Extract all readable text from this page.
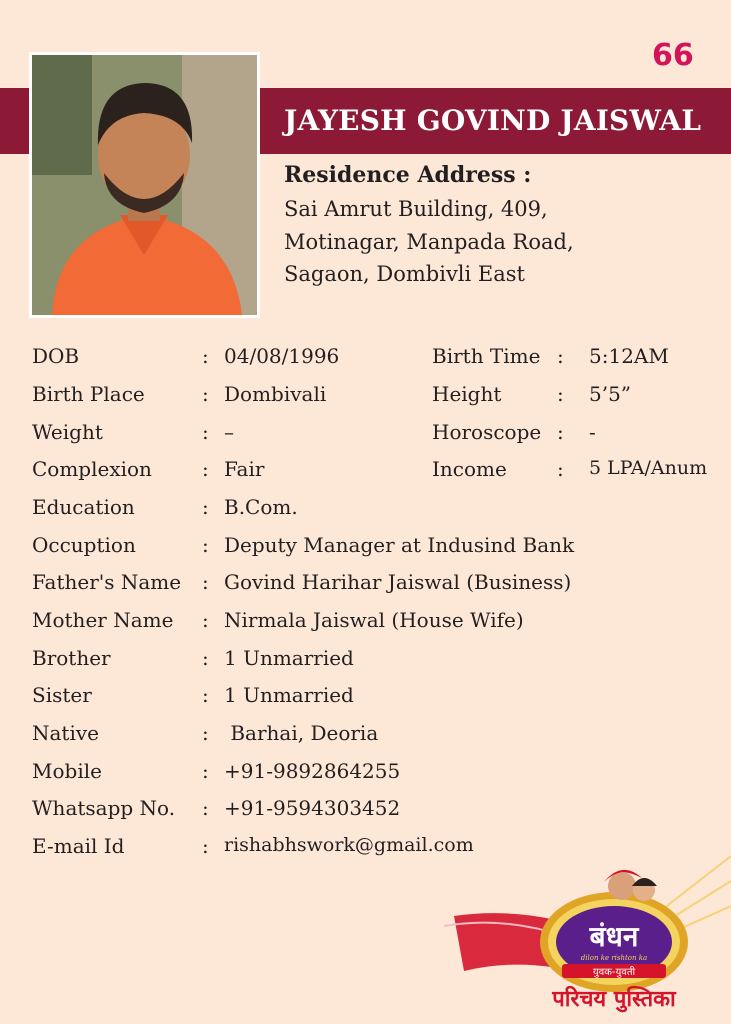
66
JAYESH GOVIND JAISWAL
Residence Address :
Sai Amrut Building, 409,
Motinagar, Manpada Road,
Sagaon, Dombivli East
DOB	: 04/08/1996
Birth Place	: Dombivali
Weight	: –
Complexion	: Fair
Education	: B.Com.
Occuption	: Deputy Manager at Indusind Bank
Father's Name : Govind Harihar Jaiswal (Business)
Mother Name : Nirmala Jaiswal (House Wife)
Brother	: 1 Unmarried
Sister	: 1 Unmarried
Native	: Barhai, Deoria
Mobile	: +91-9892864255
Whatsapp No. : +91-9594303452
E-mail Id	: rishabhswork@gmail.com
Birth Time : 5:12AM
Height	: 5’5”
Horoscope : -
Income	: 5 LPA/Anum
बंधन
dilon ke rishton ka
युवक-युवती
परिचय पुस्तिका
